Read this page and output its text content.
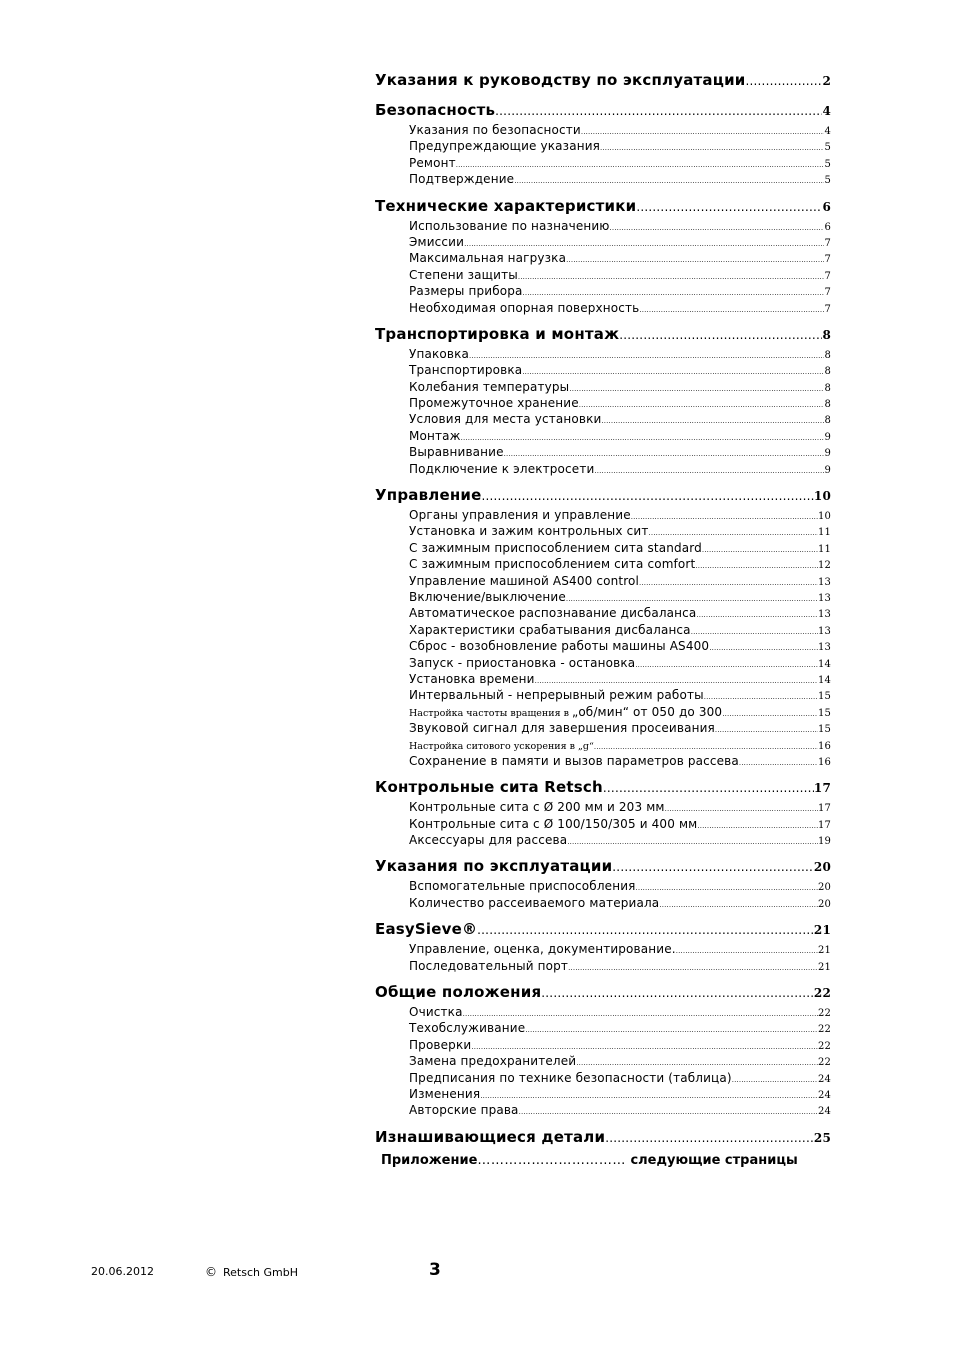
Указания к руководству по эксплуатации .....	2
Безопасность .....	4
Указания по безопасности .....	4
Предупреждающие указания .....	5
Ремонт .....	5
Подтверждение .....	5
Технические характеристики .....	6
Использование по назначению .....	6
Эмиссии .....	7
Максимальная нагрузка .....	7
Степени защиты .....	7
Размеры прибора .....	7
Необходимая опорная поверхность .....	7
Транспортировка и монтаж .....	8
Упаковка .....	8
Транспортировка .....	8
Колебания температуры .....	8
Промежуточное хранение .....	8
Условия для места установки .....	8
Монтаж .....	9
Выравнивание .....	9
Подключение к электросети .....	9
Управление .....	10
Органы управления и управление .....	10
Установка и зажим контрольных сит .....	11
С зажимным приспособлением сита standard .....	11
С зажимным приспособлением сита comfort .....	12
Управление машиной AS400 control .....	13
Включение/выключение .....	13
Автоматическое распознавание дисбаланса .....	13
Характеристики срабатывания дисбаланса .....	13
Сброс - возобновление работы машины AS400 .....	13
Запуск - приостановка - остановка .....	14
Установка времени .....	14
Интервальный - непрерывный режим работы .....	15
Настройка частоты вращения в „об/мин“ от 050 до 300 .....	15
Звуковой сигнал для завершения просеивания .....	15
Настройка ситового ускорения в „g“ .....	16
Сохранение в памяти и вызов параметров рассева .....	16
Контрольные сита Retsch .....	17
Контрольные сита с Ø 200 мм и 203 мм .....	17
Контрольные сита с Ø 100/150/305 и 400 мм .....	17
Аксессуары для рассева .....	19
Указания по эксплуатации .....	20
Вспомогательные приспособления .....	20
Количество рассеиваемого материала .....	20
EasySieve® .....	21
Управление, оценка, документирование. .....	21
Последовательный порт .....	21
Общие положения .....	22
Очистка .....	22
Техобслуживание .....	22
Проверки .....	22
Замена предохранителей .....	22
Предписания по технике безопасности (таблица) .....	24
Изменения .....	24
Авторские права .....	24
Изнашивающиеся детали .....	25
Приложение…………………………… следующие страницы
20.06.2012	© Retsch GmbH	3
